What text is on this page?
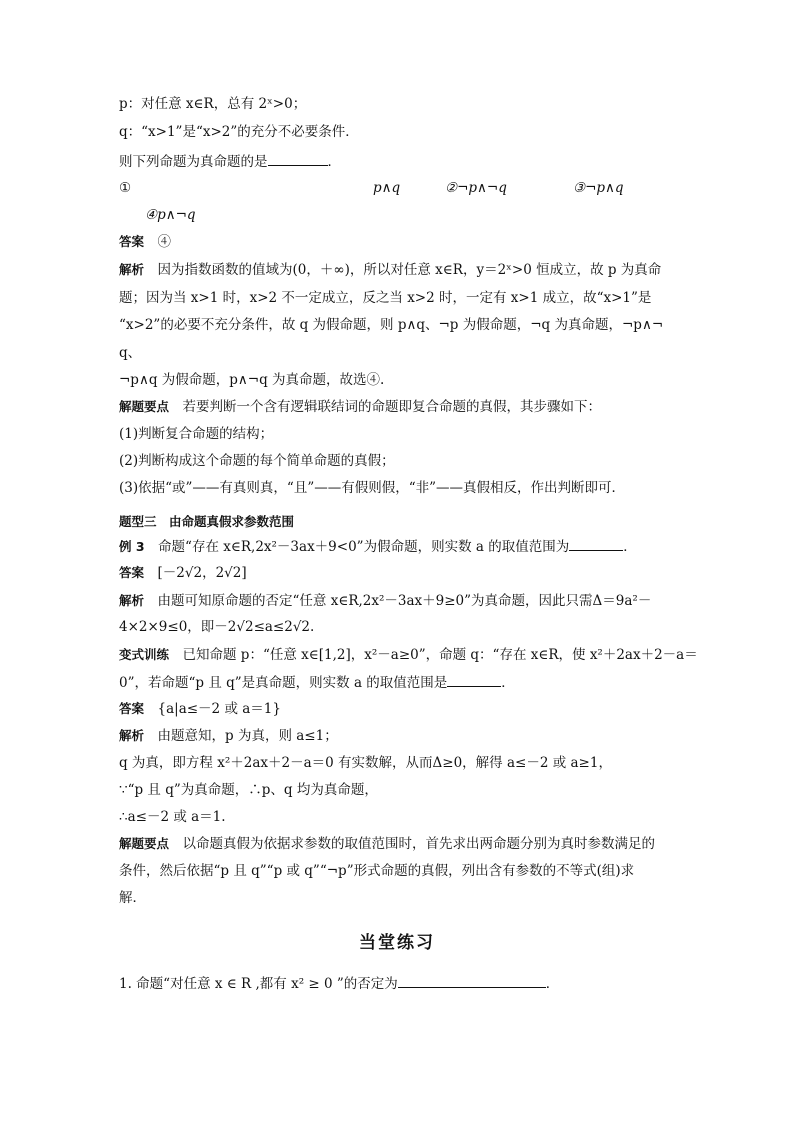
p：对任意 x∈R，总有 2ˣ>0；
q：“x>1”是“x>2”的充分不必要条件．
则下列命题为真命题的是	．
①	p∧q	②¬p∧¬q	③¬p∧q
④p∧¬q
答案　 ④
解析　 因为指数函数的值域为(0，＋∞)，所以对任意 x∈R，y＝2ˣ>0 恒成立，故 p 为真命
题；因为当 x>1 时，x>2 不一定成立，反之当 x>2 时，一定有 x>1 成立，故“x>1”是
“x>2”的必要不充分条件，故 q 为假命题，则 p∧q、¬p 为假命题，¬q 为真命题，¬p∧¬
q、
¬p∧q 为假命题，p∧¬q 为真命题，故选④.
解题要点　 若要判断一个含有逻辑联结词的命题即复合命题的真假，其步骤如下：
(1)判断复合命题的结构；
(2)判断构成这个命题的每个简单命题的真假；
(3)依据“或”——有真则真，“且”——有假则假，“非”——真假相反，作出判断即可．
题型三　由命题真假求参数范围
例 3　 命题“存在 x∈R,2x²－3ax＋9<0”为假命题，则实数 a 的取值范围为	．
答案　 [－2√2，2√2]
解析　 由题可知原命题的否定“任意 x∈R,2x²－3ax＋9≥0”为真命题，因此只需Δ＝9a²－
4×2×9≤0，即－2√2≤a≤2√2.
变式训练　 已知命题 p：“任意 x∈[1,2]，x²－a≥0”，命题 q：“存在 x∈R，使 x²＋2ax＋2－a＝
0”，若命题“p 且 q”是真命题，则实数 a 的取值范围是	．
答案　 {a|a≤－2 或 a＝1}
解析　 由题意知，p 为真，则 a≤1；
q 为真，即方程 x²＋2ax＋2－a＝0 有实数解，从而Δ≥0，解得 a≤－2 或 a≥1，
∵“p 且 q”为真命题，∴p、q 均为真命题，
∴a≤－2 或 a＝1.
解题要点　 以命题真假为依据求参数的取值范围时，首先求出两命题分别为真时参数满足的
条件，然后依据“p 且 q”“p 或 q”“¬p”形式命题的真假，列出含有参数的不等式(组)求
解．
当堂练习
1. 命题“对任意 x ∈ R ,都有 x² ≥ 0 ”的否定为	．
